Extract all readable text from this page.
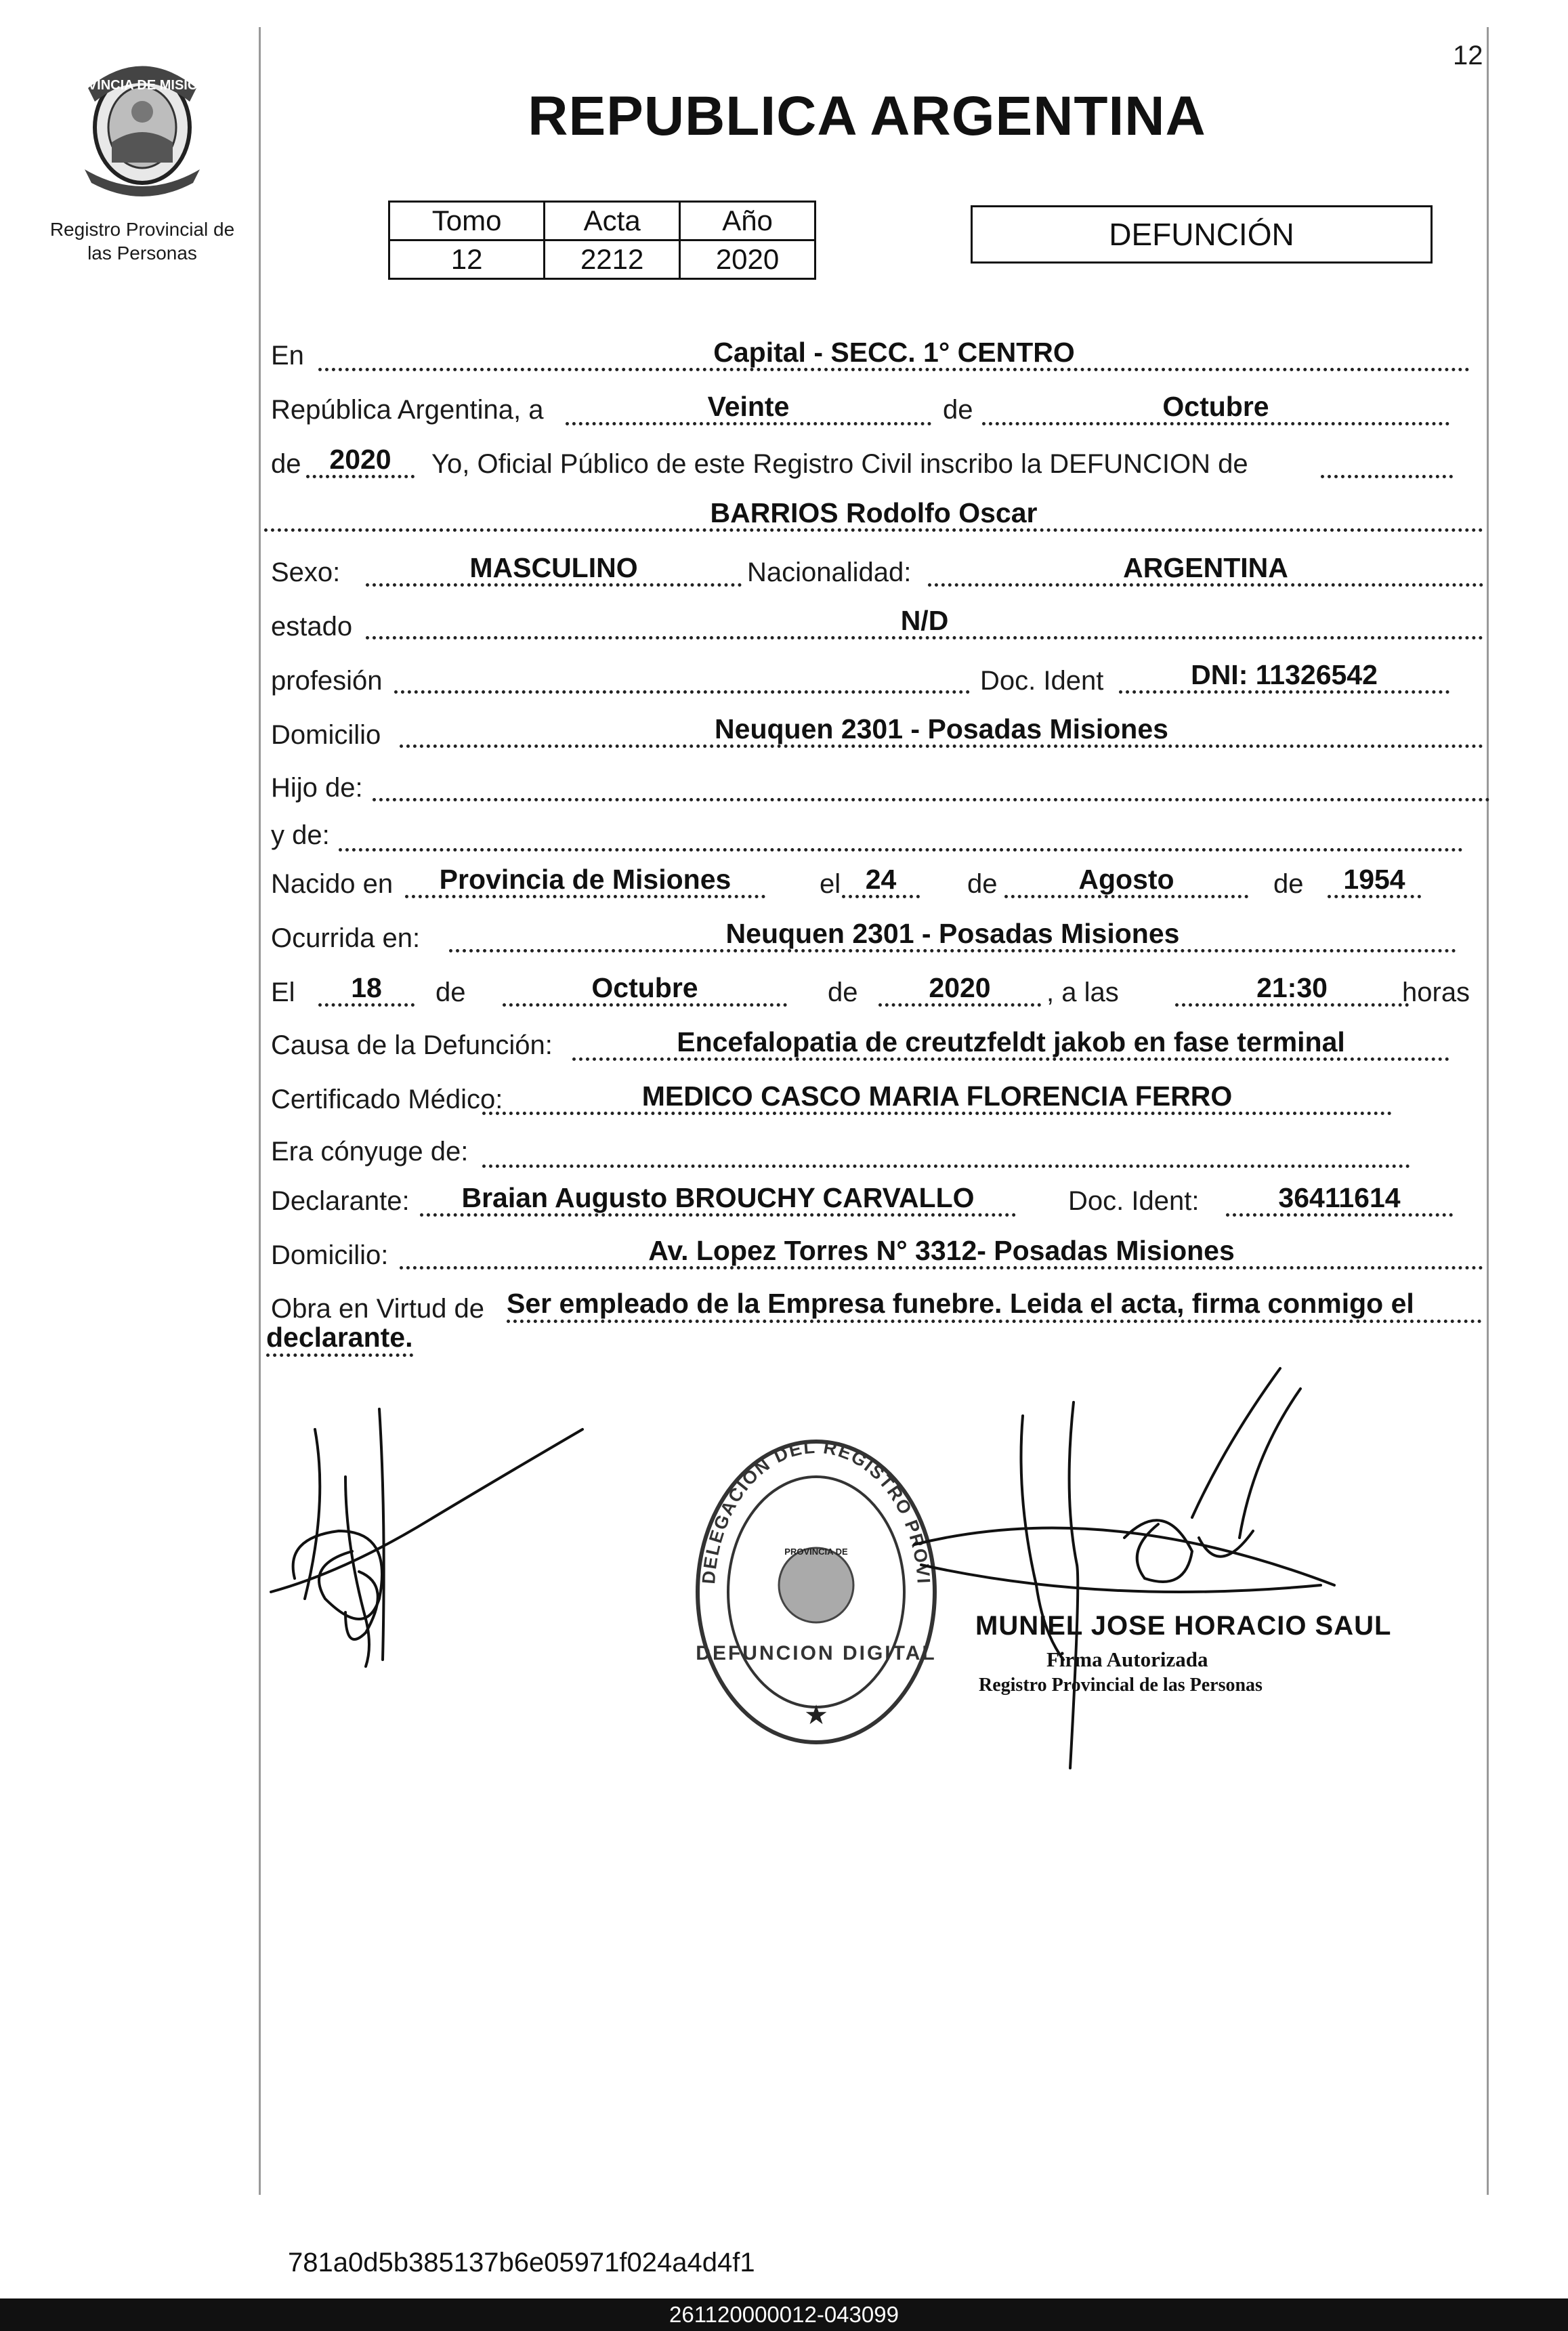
12
PROVINCIA DE MISIONES
Registro Provincial de
las Personas
REPUBLICA ARGENTINA
Tomo	Acta	Año
12	2212	2020
DEFUNCIÓN
En	Capital - SECC. 1° CENTRO
República Argentina, a	Veinte	de	Octubre
de	2020	Yo, Oficial Público de este Registro Civil inscribo la DEFUNCION de
BARRIOS Rodolfo Oscar
Sexo:	MASCULINO	Nacionalidad:	ARGENTINA
estado	N/D
profesión	Doc. Ident	DNI: 11326542
Domicilio	Neuquen 2301 - Posadas Misiones
Hijo de:
y de:
Nacido en	Provincia de Misiones	el 24	de	Agosto	de	1954
Ocurrida en:	Neuquen 2301 - Posadas Misiones
El	18	de	Octubre	de	2020	, a las	21:30	horas
Causa de la Defunción:	Encefalopatia de creutzfeldt jakob en fase terminal
Certificado Médico:	MEDICO CASCO MARIA FLORENCIA FERRO
Era cónyuge de:
Declarante:	Braian Augusto BROUCHY CARVALLO	Doc. Ident:	36411614
Domicilio:	Av. Lopez Torres N° 3312- Posadas Misiones
Obra en Virtud de Ser empleado de la Empresa funebre. Leida el acta, firma conmigo el
declarante.
DELEGACION DEL REGISTRO PROVI
PROVINCIA DE
DEFUNCION DIGITAL
★
MUNIEL JOSE HORACIO SAUL
Firma Autorizada
Registro Provincial de las Personas
781a0d5b385137b6e05971f024a4d4f1
261120000012-043099
